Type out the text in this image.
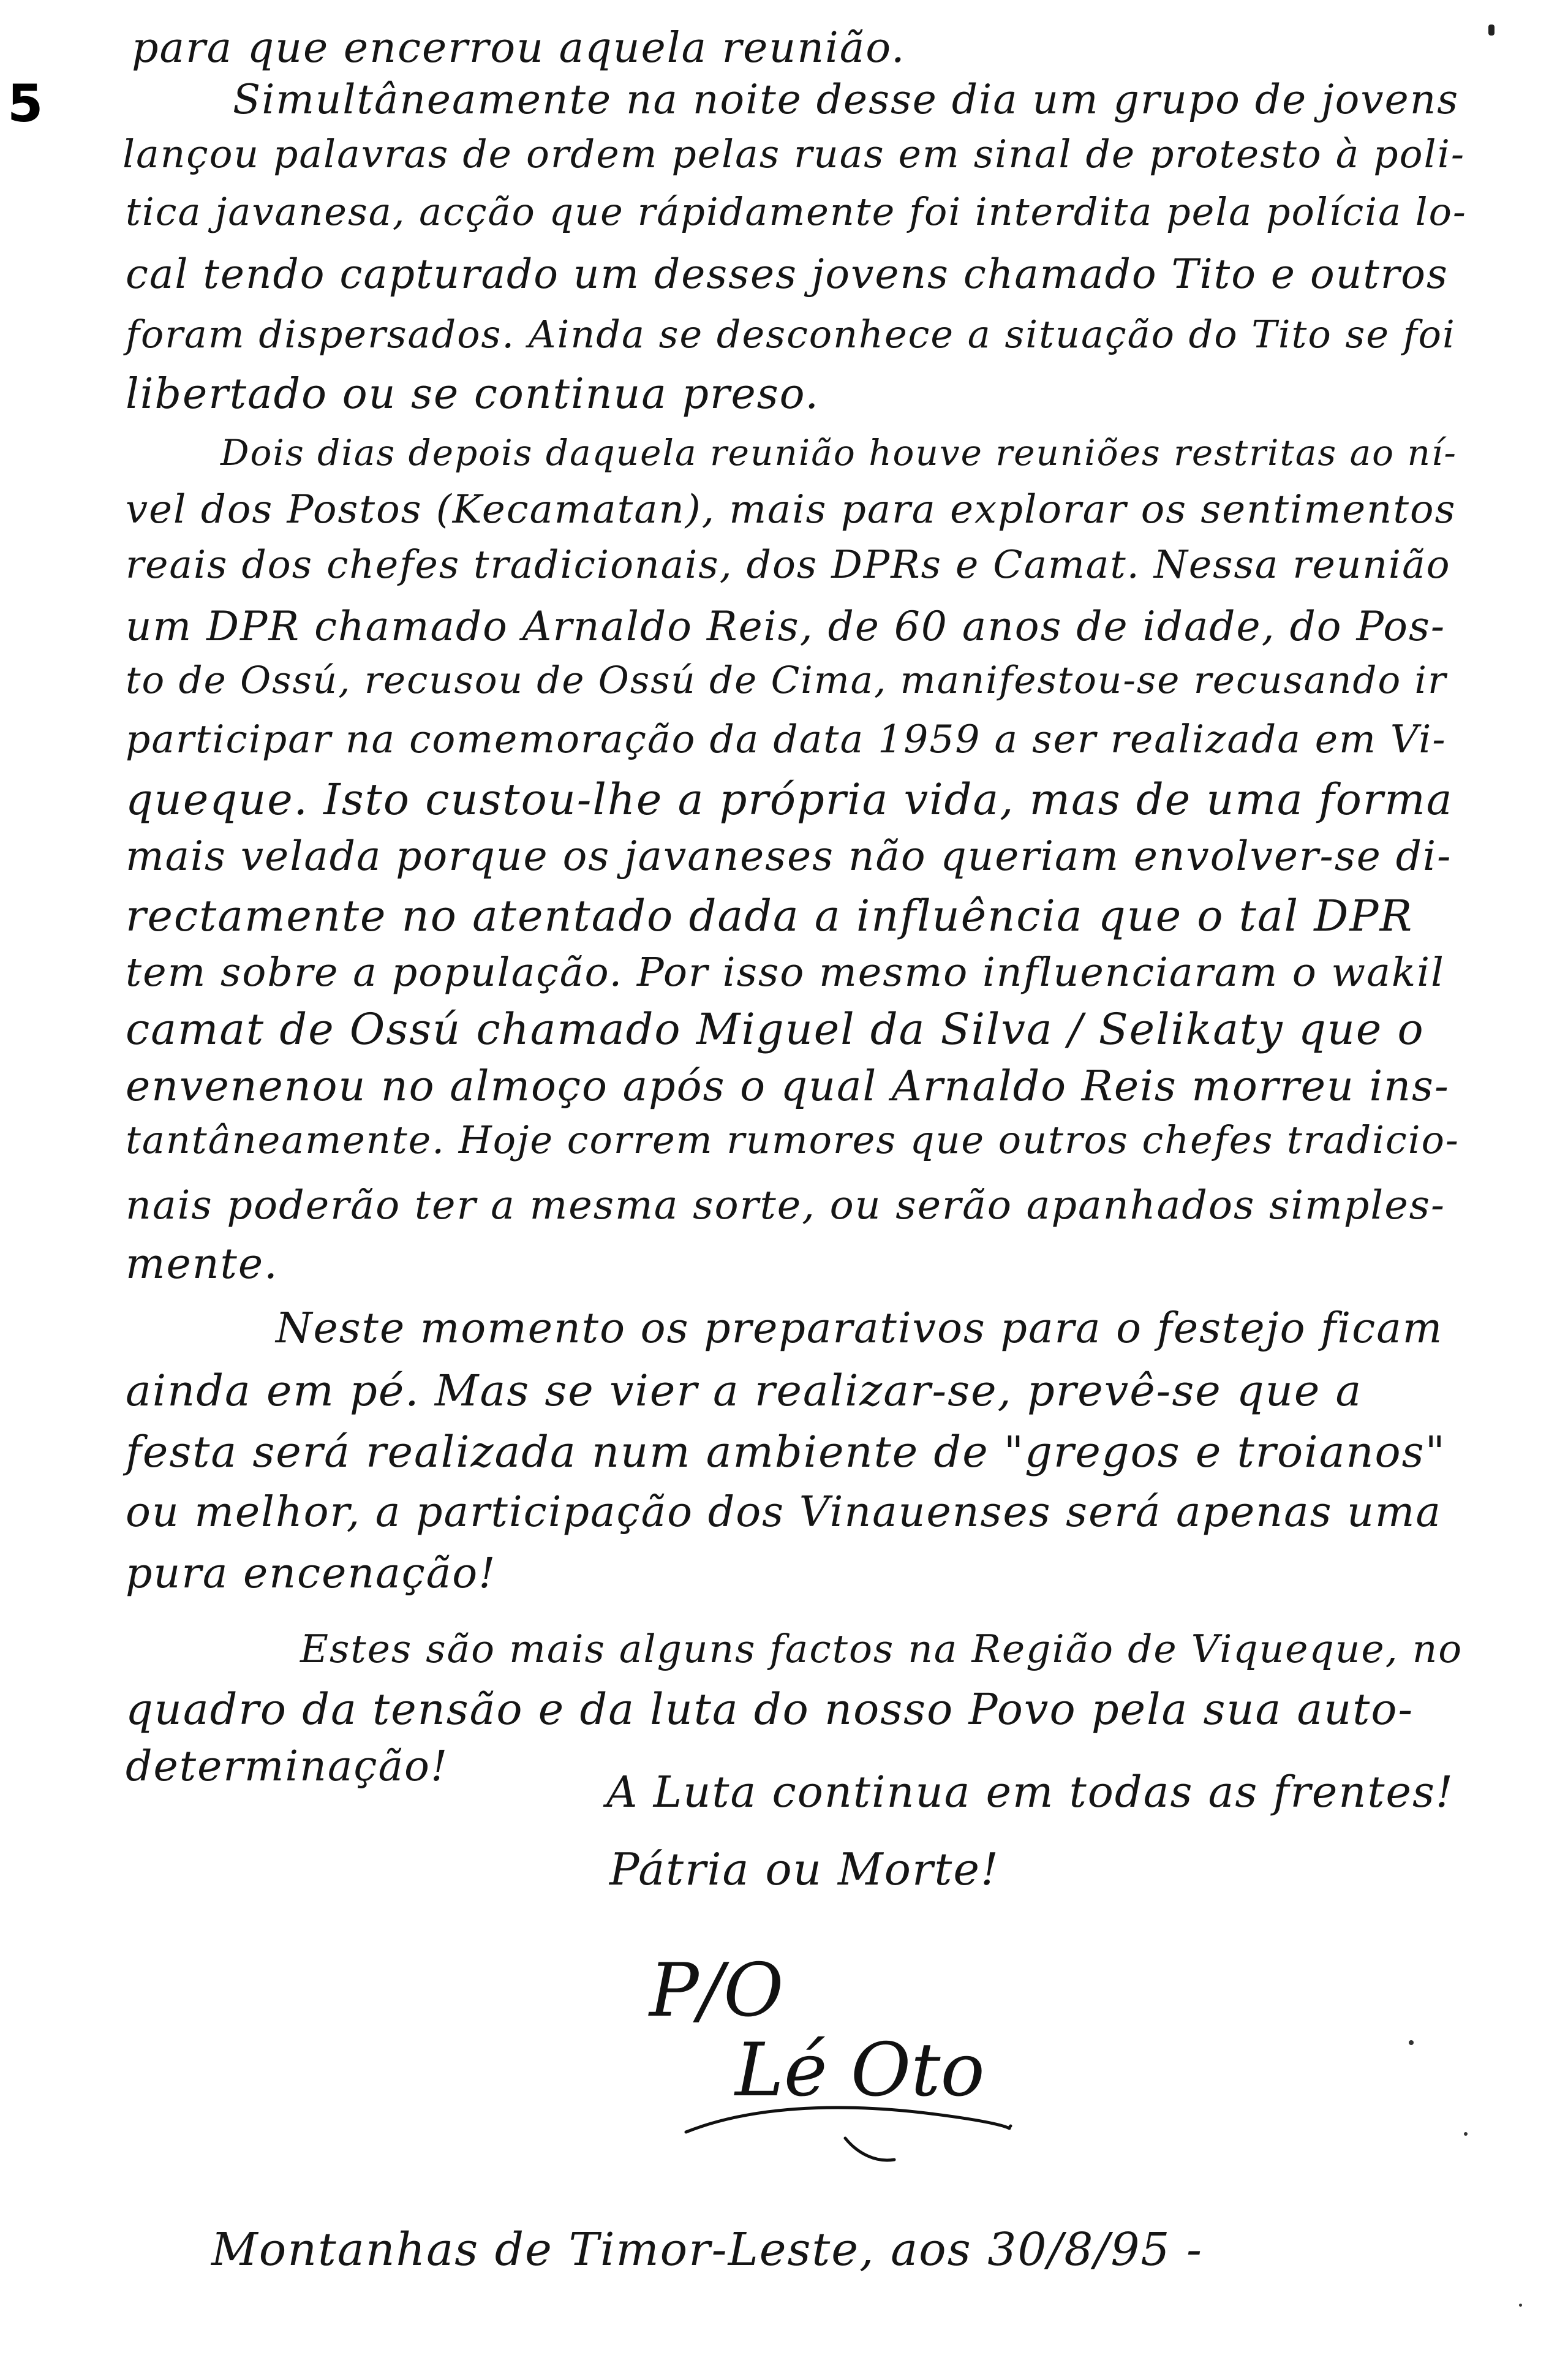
5
para que encerrou aquela reunião.
Simultâneamente na noite desse dia um grupo de jovens
lançou palavras de ordem pelas ruas em sinal de protesto à poli-
tica javanesa, acção que rápidamente foi interdita pela polícia lo-
cal tendo capturado um desses jovens chamado Tito e outros
foram dispersados. Ainda se desconhece a situação do Tito se foi
libertado ou se continua preso.
Dois dias depois daquela reunião houve reuniões restritas ao ní-
vel dos Postos (Kecamatan), mais para explorar os sentimentos
reais dos chefes tradicionais, dos DPRs e Camat. Nessa reunião
um DPR chamado Arnaldo Reis, de 60 anos de idade, do Pos-
to de Ossú, recusou de Ossú de Cima, manifestou-se recusando ir
participar na comemoração da data 1959 a ser realizada em Vi-
queque. Isto custou-lhe a própria vida, mas de uma forma
mais velada porque os javaneses não queriam envolver-se di-
rectamente no atentado dada a influência que o tal DPR
tem sobre a população. Por isso mesmo influenciaram o wakil
camat de Ossú chamado Miguel da Silva / Selikaty que o
envenenou no almoço após o qual Arnaldo Reis morreu ins-
tantâneamente. Hoje correm rumores que outros chefes tradicio-
nais poderão ter a mesma sorte, ou serão apanhados simples-
mente.
Neste momento os preparativos para o festejo ficam
ainda em pé. Mas se vier a realizar-se, prevê-se que a
festa será realizada num ambiente de "gregos e troianos"
ou melhor, a participação dos Vinauenses será apenas uma
pura encenação!
Estes são mais alguns factos na Região de Viqueque, no
quadro da tensão e da luta do nosso Povo pela sua auto-
determinação!
A Luta continua em todas as frentes!
Pátria ou Morte!
P/O
Lé Oto
Montanhas de Timor-Leste, aos 30/8/95 -
